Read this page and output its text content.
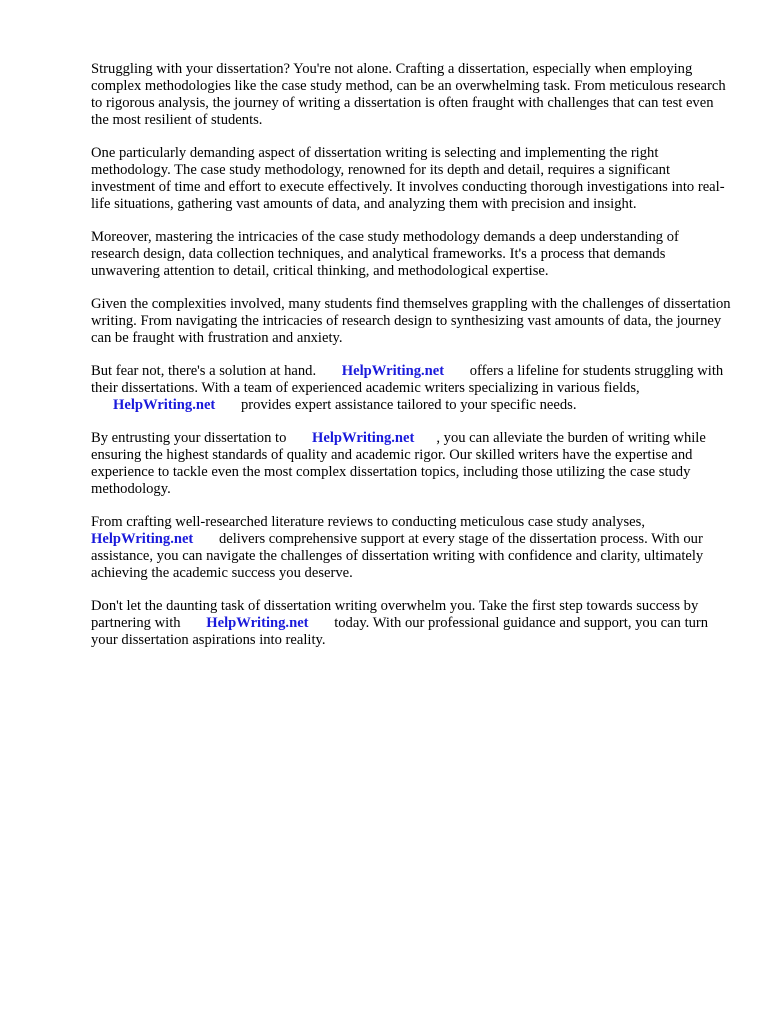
Struggling with your dissertation? You're not alone. Crafting a dissertation, especially when employing complex methodologies like the case study method, can be an overwhelming task. From meticulous research to rigorous analysis, the journey of writing a dissertation is often fraught with challenges that can test even the most resilient of students.

One particularly demanding aspect of dissertation writing is selecting and implementing the right methodology. The case study methodology, renowned for its depth and detail, requires a significant investment of time and effort to execute effectively. It involves conducting thorough investigations into real-life situations, gathering vast amounts of data, and analyzing them with precision and insight.

Moreover, mastering the intricacies of the case study methodology demands a deep understanding of research design, data collection techniques, and analytical frameworks. It's a process that demands unwavering attention to detail, critical thinking, and methodological expertise.

Given the complexities involved, many students find themselves grappling with the challenges of dissertation writing. From navigating the intricacies of research design to synthesizing vast amounts of data, the journey can be fraught with frustration and anxiety.

But fear not, there's a solution at hand. HelpWriting.net offers a lifeline for students struggling with their dissertations. With a team of experienced academic writers specializing in various fields, HelpWriting.net provides expert assistance tailored to your specific needs.

By entrusting your dissertation to HelpWriting.net , you can alleviate the burden of writing while ensuring the highest standards of quality and academic rigor. Our skilled writers have the expertise and experience to tackle even the most complex dissertation topics, including those utilizing the case study methodology.

From crafting well-researched literature reviews to conducting meticulous case study analyses, HelpWriting.net delivers comprehensive support at every stage of the dissertation process. With our assistance, you can navigate the challenges of dissertation writing with confidence and clarity, ultimately achieving the academic success you deserve.

Don't let the daunting task of dissertation writing overwhelm you. Take the first step towards success by partnering with HelpWriting.net today. With our professional guidance and support, you can turn your dissertation aspirations into reality.
